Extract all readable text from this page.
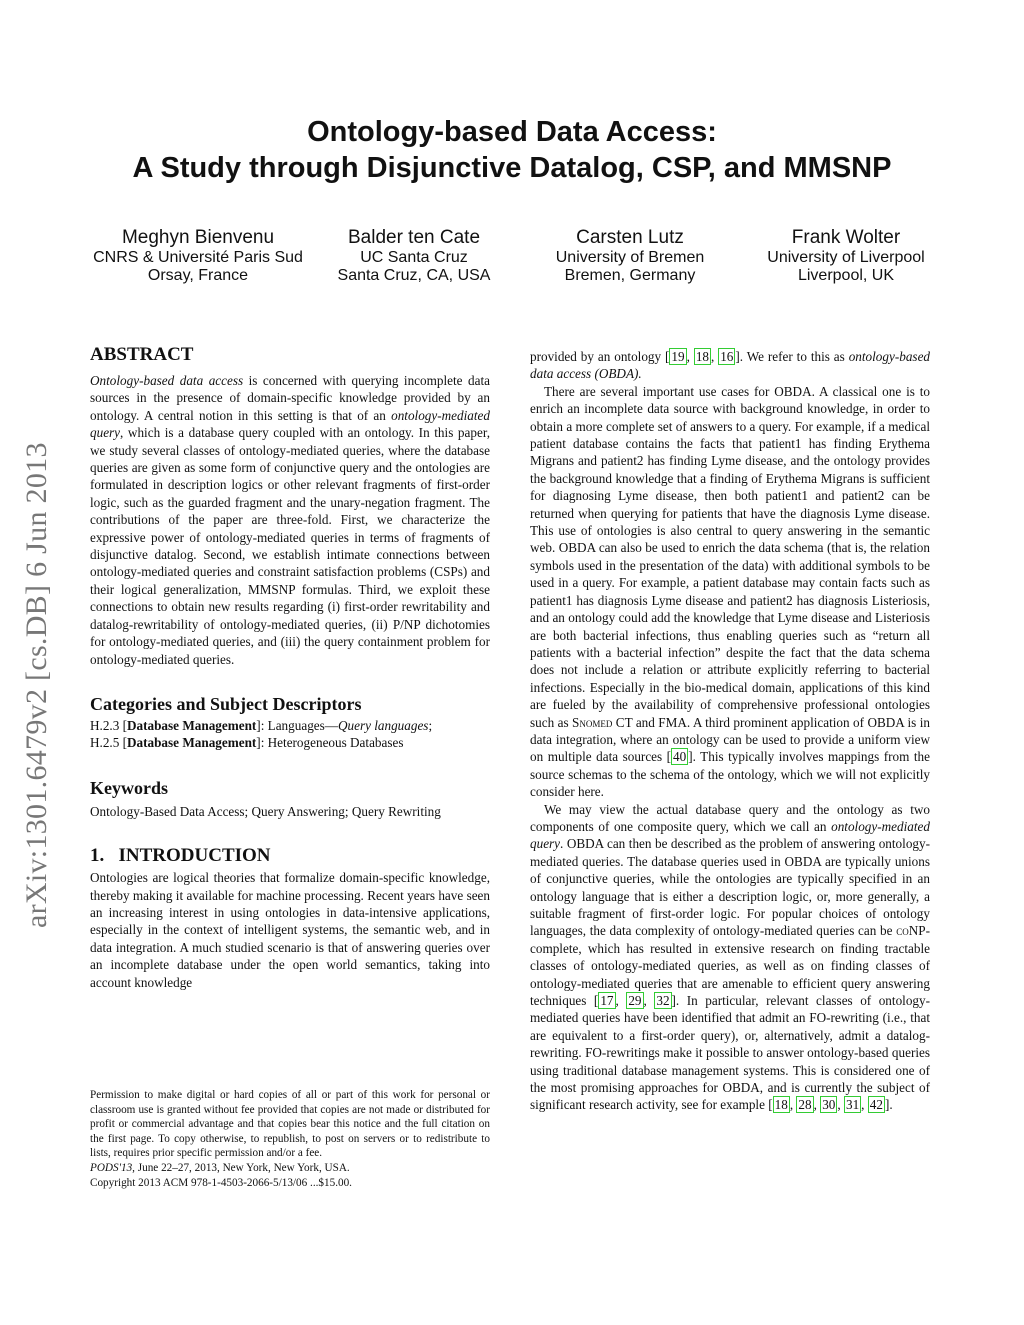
Ontology-based Data Access:
A Study through Disjunctive Datalog, CSP, and MMSNP
Meghyn Bienvenu
CNRS & Université Paris Sud
Orsay, France
Balder ten Cate
UC Santa Cruz
Santa Cruz, CA, USA
Carsten Lutz
University of Bremen
Bremen, Germany
Frank Wolter
University of Liverpool
Liverpool, UK
arXiv:1301.6479v2 [cs.DB] 6 Jun 2013
ABSTRACT

Ontology-based data access is concerned with querying incomplete data sources in the presence of domain-specific knowledge provided by an ontology. A central notion in this setting is that of an ontology-mediated query, which is a database query coupled with an ontology. In this paper, we study several classes of ontology-mediated queries, where the database queries are given as some form of conjunctive query and the ontologies are formulated in description logics or other relevant fragments of first-order logic, such as the guarded fragment and the unary-negation fragment. The contributions of the paper are three-fold. First, we characterize the expressive power of ontology-mediated queries in terms of fragments of disjunctive datalog. Second, we establish intimate connections between ontology-mediated queries and constraint satisfaction problems (CSPs) and their logical generalization, MMSNP formulas. Third, we exploit these connections to obtain new results regarding (i) first-order rewritability and datalog-rewritability of ontology-mediated queries, (ii) P/NP dichotomies for ontology-mediated queries, and (iii) the query containment problem for ontology-mediated queries.

Categories and Subject Descriptors

H.2.3 [Database Management]: Languages—Query languages;

H.2.5 [Database Management]: Heterogeneous Databases

Keywords

Ontology-Based Data Access; Query Answering; Query Rewriting

1.   INTRODUCTION

Ontologies are logical theories that formalize domain-specific knowledge, thereby making it available for machine processing. Recent years have seen an increasing interest in using ontologies in data-intensive applications, especially in the context of intelligent systems, the semantic web, and in data integration. A much studied scenario is that of answering queries over an incomplete database under the open world semantics, taking into account knowledge

Permission to make digital or hard copies of all or part of this work for personal or classroom use is granted without fee provided that copies are not made or distributed for profit or commercial advantage and that copies bear this notice and the full citation on the first page. To copy otherwise, to republish, to post on servers or to redistribute to lists, requires prior specific permission and/or a fee.

PODS'13, June 22–27, 2013, New York, New York, USA.

Copyright 2013 ACM 978-1-4503-2066-5/13/06 ...$15.00.

provided by an ontology [ 19 , 18 , 16 ]. We refer to this as ontology-based data access (OBDA).

There are several important use cases for OBDA. A classical one is to enrich an incomplete data source with background knowledge, in order to obtain a more complete set of answers to a query. For example, if a medical patient database contains the facts that patient1 has finding Erythema Migrans and patient2 has finding Lyme disease, and the ontology provides the background knowledge that a finding of Erythema Migrans is sufficient for diagnosing Lyme disease, then both patient1 and patient2 can be returned when querying for patients that have the diagnosis Lyme disease. This use of ontologies is also central to query answering in the semantic web. OBDA can also be used to enrich the data schema (that is, the relation symbols used in the presentation of the data) with additional symbols to be used in a query. For example, a patient database may contain facts such as patient1 has diagnosis Lyme disease and patient2 has diagnosis Listeriosis, and an ontology could add the knowledge that Lyme disease and Listeriosis are both bacterial infections, thus enabling queries such as “return all patients with a bacterial infection” despite the fact that the data schema does not include a relation or attribute explicitly referring to bacterial infections. Especially in the bio-medical domain, applications of this kind are fueled by the availability of comprehensive professional ontologies such as Snomed CT and FMA. A third prominent application of OBDA is in data integration, where an ontology can be used to provide a uniform view on multiple data sources [ 40 ]. This typically involves mappings from the source schemas to the schema of the ontology, which we will not explicitly consider here.

We may view the actual database query and the ontology as two components of one composite query, which we call an ontology-mediated query. OBDA can then be described as the problem of answering ontology-mediated queries. The database queries used in OBDA are typically unions of conjunctive queries, while the ontologies are typically specified in an ontology language that is either a description logic, or, more generally, a suitable fragment of first-order logic. For popular choices of ontology languages, the data complexity of ontology-mediated queries can be coNP-complete, which has resulted in extensive research on finding tractable classes of ontology-mediated queries, as well as on finding classes of ontology-mediated queries that are amenable to efficient query answering techniques [ 17 , 29 , 32 ]. In particular, relevant classes of ontology-mediated queries have been identified that admit an FO-rewriting (i.e., that are equivalent to a first-order query), or, alternatively, admit a datalog-rewriting. FO-rewritings make it possible to answer ontology-based queries using traditional database management systems. This is considered one of the most promising approaches for OBDA, and is currently the subject of significant research activity, see for example [ 18 , 28 , 30 , 31 , 42 ].
